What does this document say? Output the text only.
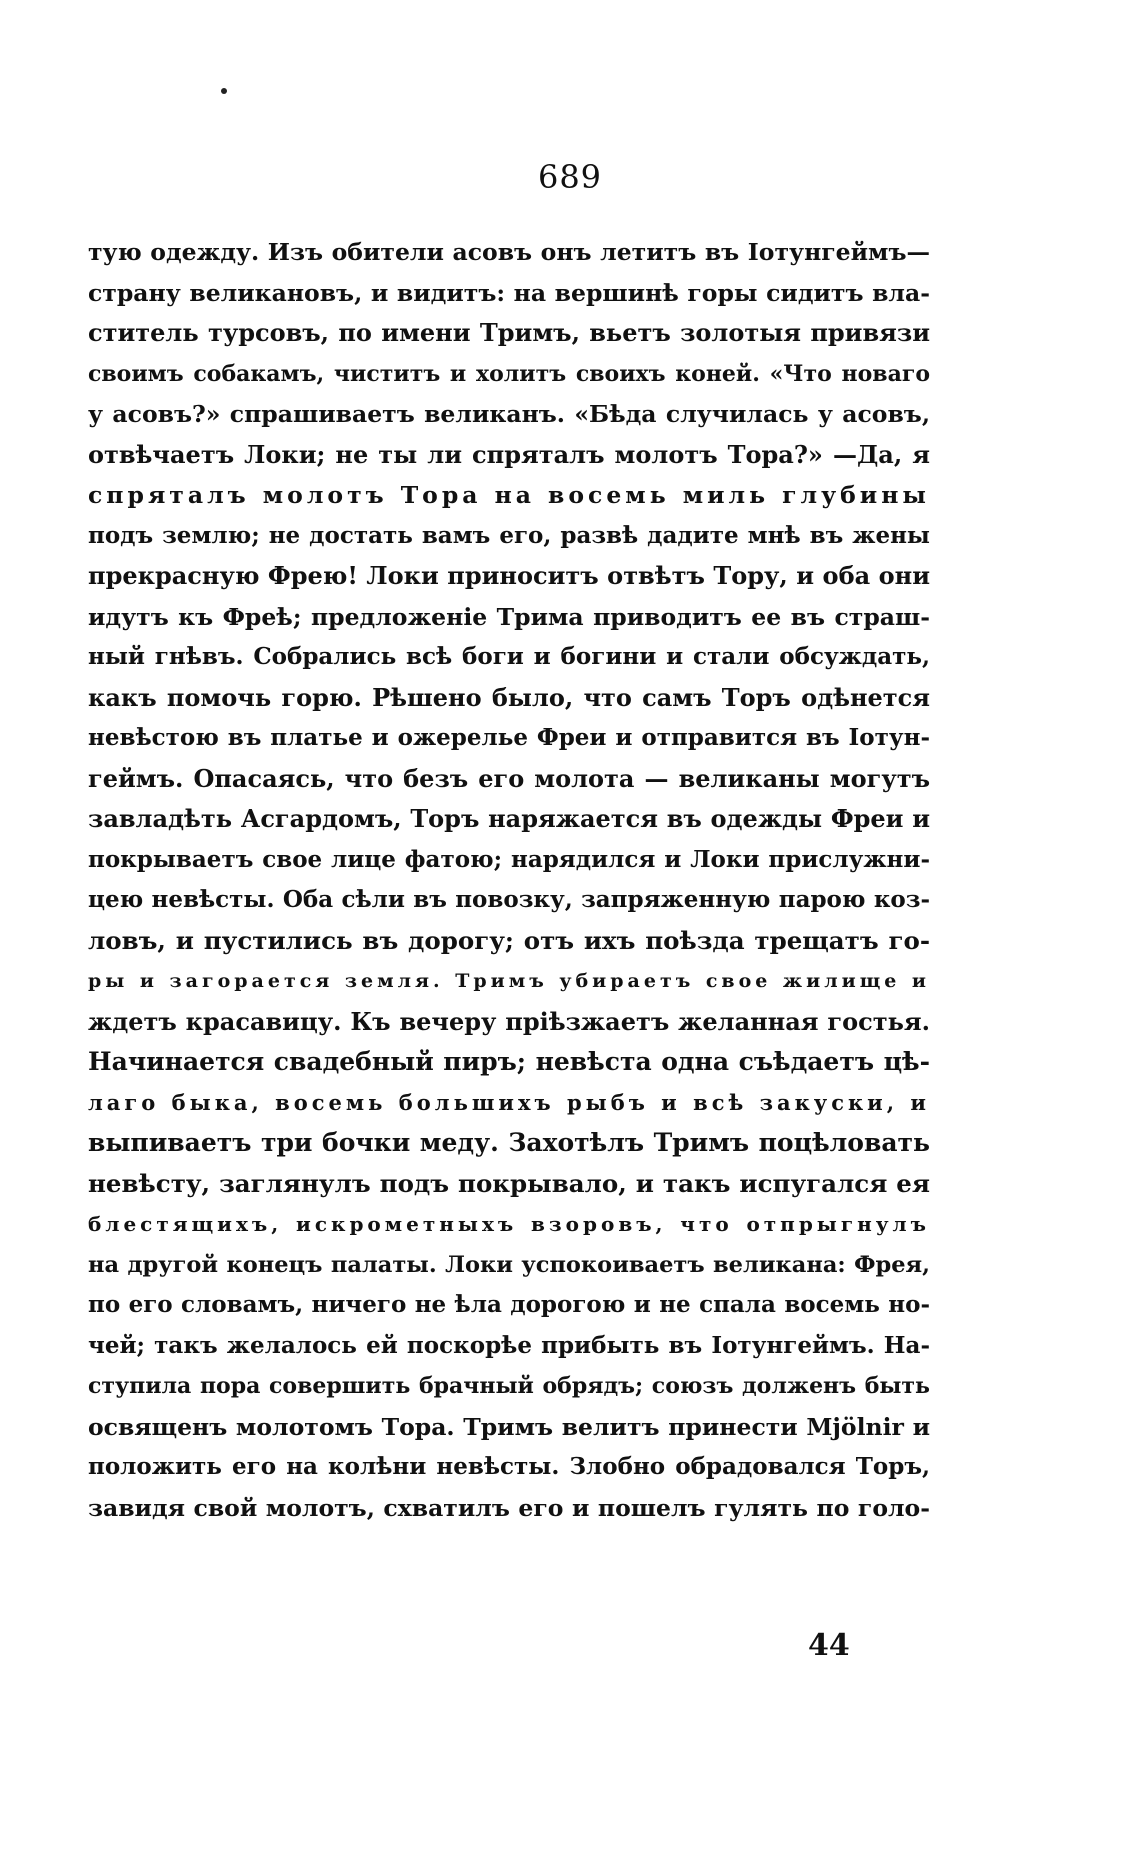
689
тую одежду. Изъ обители асовъ онъ летитъ въ Іотунгеймъ—
страну великановъ, и видитъ: на вершинѣ горы сидитъ вла-
ститель турсовъ, по имени Тримъ, вьетъ золотыя привязи
своимъ собакамъ, чиститъ и холитъ своихъ коней. «Что новаго
у асовъ?» спрашиваетъ великанъ. «Бѣда случилась у асовъ,
отвѣчаетъ Локи; не ты ли спряталъ молотъ Тора?» —Да, я
спряталъ молотъ Тора на восемь миль глубины
подъ землю; не достать вамъ его, развѣ дадите мнѣ въ жены
прекрасную Фрею! Локи приноситъ отвѣтъ Тору, и оба они
идутъ къ Фреѣ; предложеніе Трима приводитъ ее въ страш-
ный гнѣвъ. Собрались всѣ боги и богини и стали обсуждать,
какъ помочь горю. Рѣшено было, что самъ Торъ одѣнется
невѣстою въ платье и ожерелье Фреи и отправится въ Іотун-
геймъ. Опасаясь, что безъ его молота — великаны могутъ
завладѣть Асгардомъ, Торъ наряжается въ одежды Фреи и
покрываетъ свое лице фатою; нарядился и Локи прислужни-
цею невѣсты. Оба сѣли въ повозку, запряженную парою коз-
ловъ, и пустились въ дорогу; отъ ихъ поѣзда трещатъ го-
ры и загорается земля. Тримъ убираетъ свое жилище и
ждетъ красавицу. Къ вечеру пріѣзжаетъ желанная гостья.
Начинается свадебный пиръ; невѣста одна съѣдаетъ цѣ-
лаго быка, восемь большихъ рыбъ и всѣ закуски, и
выпиваетъ три бочки меду. Захотѣлъ Тримъ поцѣловать
невѣсту, заглянулъ подъ покрывало, и такъ испугался ея
блестящихъ, искрометныхъ взоровъ, что отпрыгнулъ
на другой конецъ палаты. Локи успокоиваетъ великана: Фрея,
по его словамъ, ничего не ѣла дорогою и не спала восемь но-
чей; такъ желалось ей поскорѣе прибыть въ Іотунгеймъ. На-
ступила пора совершить брачный обрядъ; союзъ долженъ быть
освященъ молотомъ Тора. Тримъ велитъ принести Mjölnir и
положить его на колѣни невѣсты. Злобно обрадовался Торъ,
завидя свой молотъ, схватилъ его и пошелъ гулять по голо-
44
